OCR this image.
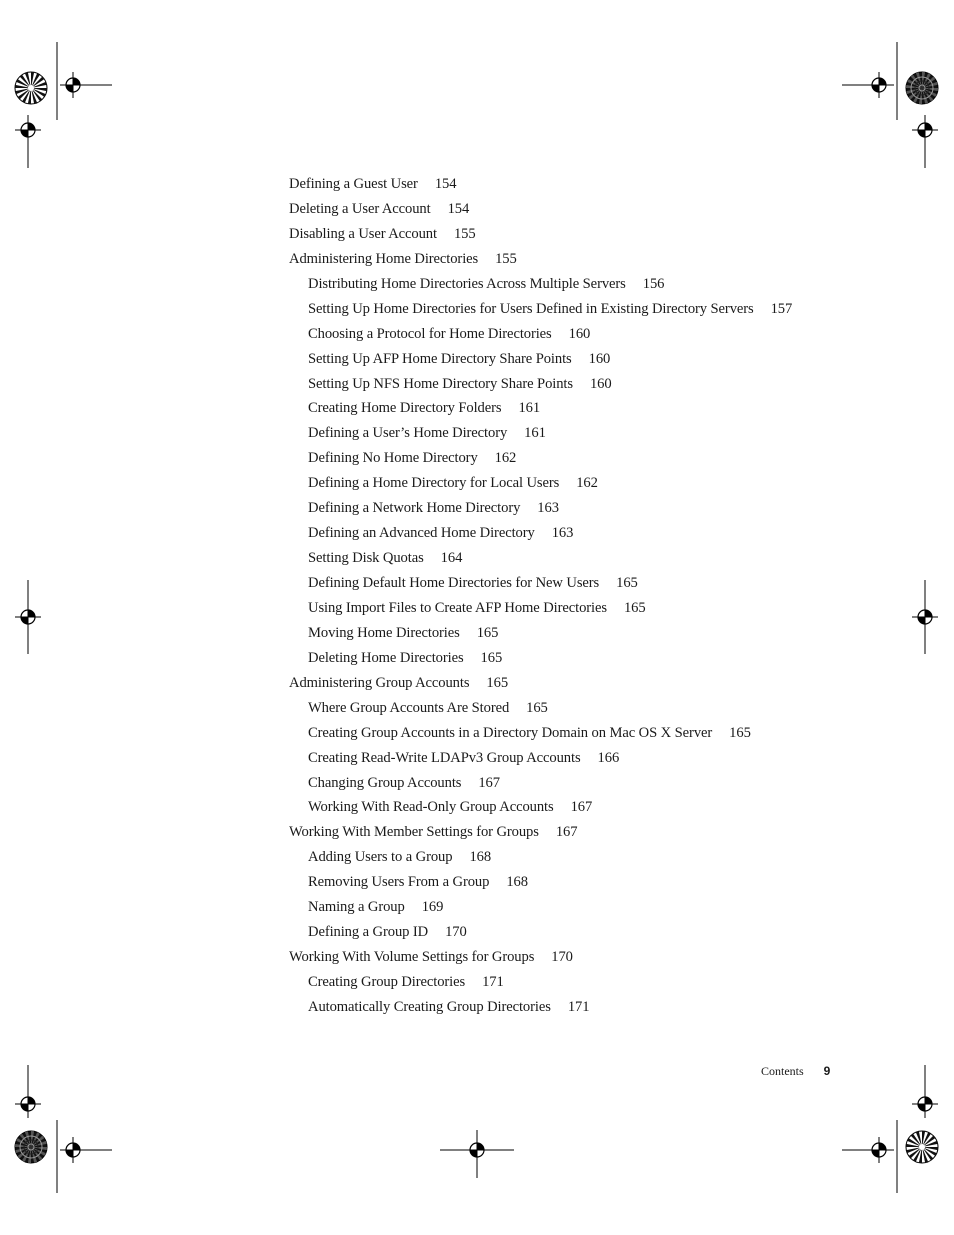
Defining a Guest User 154
Deleting a User Account 154
Disabling a User Account 155
Administering Home Directories 155
Distributing Home Directories Across Multiple Servers 156
Setting Up Home Directories for Users Defined in Existing Directory Servers 157
Choosing a Protocol for Home Directories 160
Setting Up AFP Home Directory Share Points 160
Setting Up NFS Home Directory Share Points 160
Creating Home Directory Folders 161
Defining a User’s Home Directory 161
Defining No Home Directory 162
Defining a Home Directory for Local Users 162
Defining a Network Home Directory 163
Defining an Advanced Home Directory 163
Setting Disk Quotas 164
Defining Default Home Directories for New Users 165
Using Import Files to Create AFP Home Directories 165
Moving Home Directories 165
Deleting Home Directories 165
Administering Group Accounts 165
Where Group Accounts Are Stored 165
Creating Group Accounts in a Directory Domain on Mac OS X Server 165
Creating Read-Write LDAPv3 Group Accounts 166
Changing Group Accounts 167
Working With Read-Only Group Accounts 167
Working With Member Settings for Groups 167
Adding Users to a Group 168
Removing Users From a Group 168
Naming a Group 169
Defining a Group ID 170
Working With Volume Settings for Groups 170
Creating Group Directories 171
Automatically Creating Group Directories 171
Contents 9
